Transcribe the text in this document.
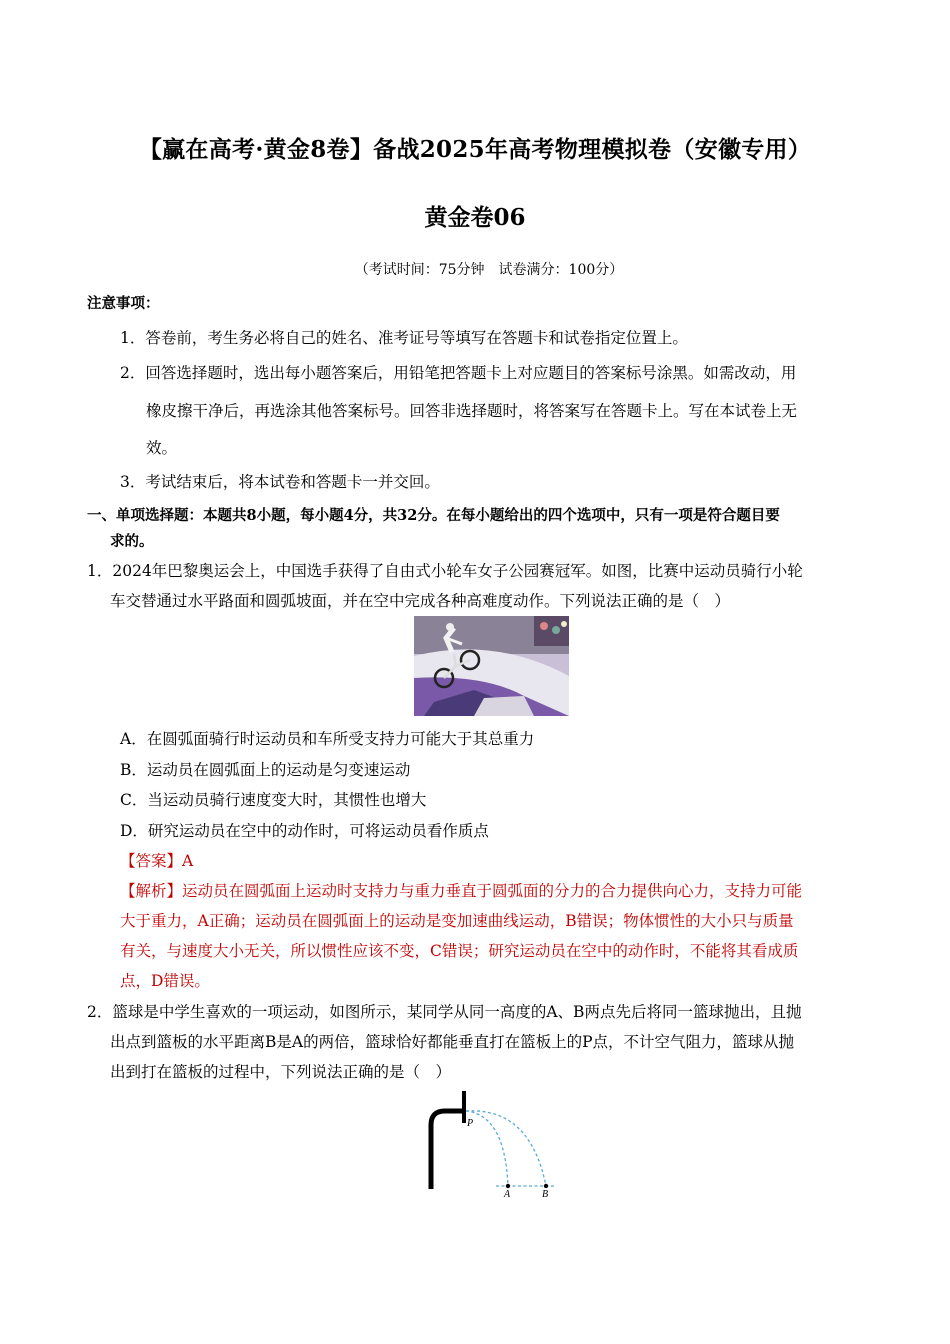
【赢在高考·黄金8卷】备战2025年高考物理模拟卷（安徽专用）
黄金卷06
（考试时间：75分钟　试卷满分：100分）
注意事项：
1．答卷前，考生务必将自己的姓名、准考证号等填写在答题卡和试卷指定位置上。
2．回答选择题时，选出每小题答案后，用铅笔把答题卡上对应题目的答案标号涂黑。如需改动，用
橡皮擦干净后，再选涂其他答案标号。回答非选择题时，将答案写在答题卡上。写在本试卷上无
效。
3．考试结束后，将本试卷和答题卡一并交回。
一、单项选择题：本题共8小题，每小题4分，共32分。在每小题给出的四个选项中，只有一项是符合题目要
求的。
1．2024年巴黎奥运会上，中国选手获得了自由式小轮车女子公园赛冠军。如图，比赛中运动员骑行小轮
车交替通过水平路面和圆弧坡面，并在空中完成各种高难度动作。下列说法正确的是（　）
A．在圆弧面骑行时运动员和车所受支持力可能大于其总重力
B．运动员在圆弧面上的运动是匀变速运动
C．当运动员骑行速度变大时，其惯性也增大
D．研究运动员在空中的动作时，可将运动员看作质点
【答案】A
【解析】运动员在圆弧面上运动时支持力与重力垂直于圆弧面的分力的合力提供向心力，支持力可能
大于重力，A正确；运动员在圆弧面上的运动是变加速曲线运动，B错误；物体惯性的大小只与质量
有关，与速度大小无关，所以惯性应该不变，C错误；研究运动员在空中的动作时，不能将其看成质
点，D错误。
2．篮球是中学生喜欢的一项运动，如图所示，某同学从同一高度的A、B两点先后将同一篮球抛出，且抛
出点到篮板的水平距离B是A的两倍，篮球恰好都能垂直打在篮板上的P点，不计空气阻力，篮球从抛
出到打在篮板的过程中，下列说法正确的是（　）
P
A	B
